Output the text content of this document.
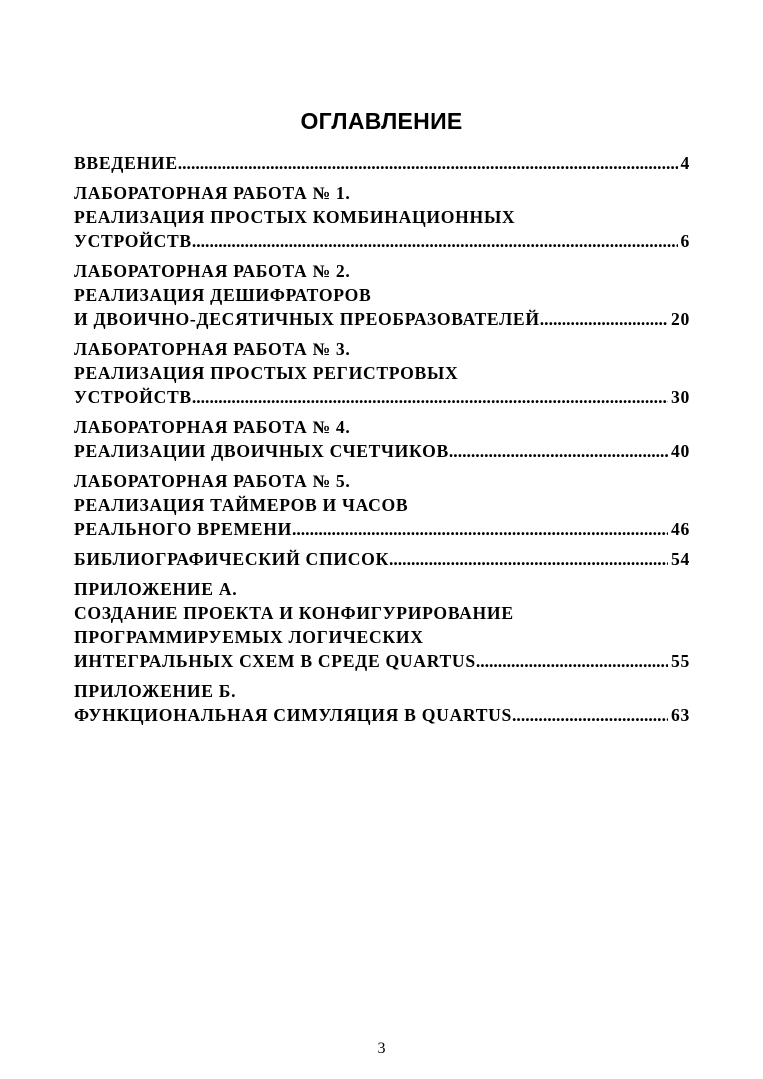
ОГЛАВЛЕНИЕ
ВВЕДЕНИЕ .....	4
ЛАБОРАТОРНАЯ РАБОТА № 1.
РЕАЛИЗАЦИЯ ПРОСТЫХ КОМБИНАЦИОННЫХ
УСТРОЙСТВ .....	6
ЛАБОРАТОРНАЯ РАБОТА № 2.
РЕАЛИЗАЦИЯ ДЕШИФРАТОРОВ
И ДВОИЧНО-ДЕСЯТИЧНЫХ ПРЕОБРАЗОВАТЕЛЕЙ .....	20
ЛАБОРАТОРНАЯ РАБОТА № 3.
РЕАЛИЗАЦИЯ ПРОСТЫХ РЕГИСТРОВЫХ
УСТРОЙСТВ .....	30
ЛАБОРАТОРНАЯ РАБОТА № 4.
РЕАЛИЗАЦИИ ДВОИЧНЫХ СЧЕТЧИКОВ .....	40
ЛАБОРАТОРНАЯ РАБОТА № 5.
РЕАЛИЗАЦИЯ ТАЙМЕРОВ И ЧАСОВ
РЕАЛЬНОГО ВРЕМЕНИ .....	46
БИБЛИОГРАФИЧЕСКИЙ СПИСОК .....	54
ПРИЛОЖЕНИЕ А.
СОЗДАНИЕ ПРОЕКТА И КОНФИГУРИРОВАНИЕ
ПРОГРАММИРУЕМЫХ ЛОГИЧЕСКИХ
ИНТЕГРАЛЬНЫХ СХЕМ В СРЕДЕ QUARTUS .....	55
ПРИЛОЖЕНИЕ Б.
ФУНКЦИОНАЛЬНАЯ СИМУЛЯЦИЯ В QUARTUS .....	63
3
